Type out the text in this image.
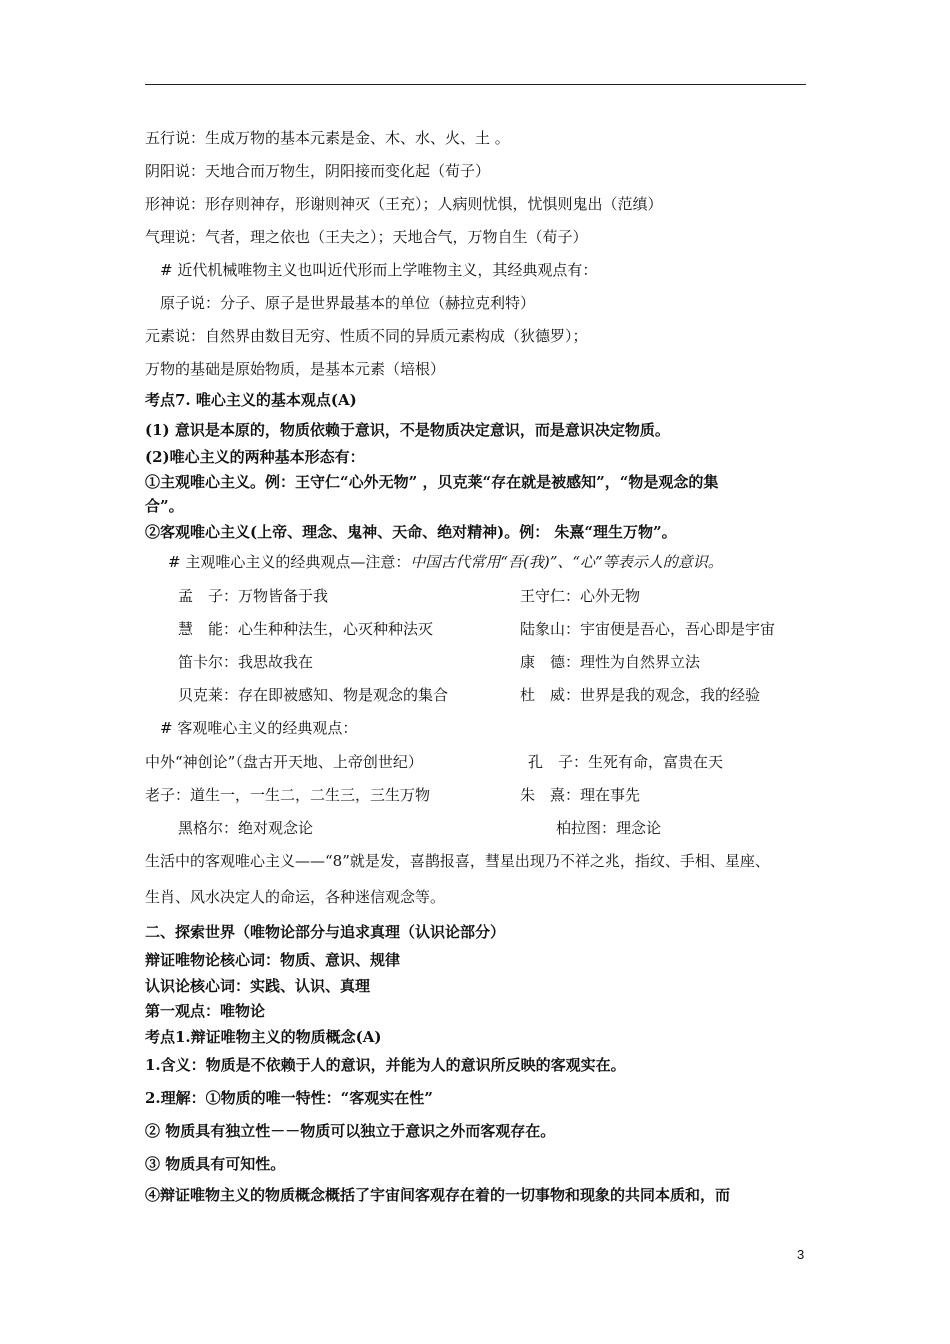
五行说：生成万物的基本元素是金、木、水、火、土 。
阴阳说：天地合而万物生，阴阳接而变化起（荀子）
形神说：形存则神存，形谢则神灭（王充）；人病则忧惧，忧惧则鬼出（范缜）
气理说：气者，理之依也（王夫之）；天地合气，万物自生（荀子）
# 近代机械唯物主义也叫近代形而上学唯物主义，其经典观点有：
原子说：分子、原子是世界最基本的单位（赫拉克利特）
元素说：自然界由数目无穷、性质不同的异质元素构成（狄德罗）；
万物的基础是原始物质，是基本元素（培根）
考点7. 唯心主义的基本观点(A)
(1) 意识是本原的，物质依赖于意识，不是物质决定意识，而是意识决定物质。
(2)唯心主义的两种基本形态有：
①主观唯心主义。例：王守仁“心外无物” ，贝克莱“存在就是被感知”，“物是观念的集
合”。
②客观唯心主义(上帝、理念、鬼神、天命、绝对精神)。例： 朱熹“理生万物”。
# 主观唯心主义的经典观点—注意：中国古代常用“吾(我)”、“心”等表示人的意识。
孟　子：万物皆备于我	王守仁：心外无物
慧　能：心生种种法生，心灭种种法灭	陆象山：宇宙便是吾心，吾心即是宇宙
笛卡尔：我思故我在	康　德：理性为自然界立法
贝克莱：存在即被感知、物是观念的集合	杜　威：世界是我的观念，我的经验
# 客观唯心主义的经典观点：
中外“神创论”（盘古开天地、上帝创世纪）	孔　子：生死有命，富贵在天
老子：道生一，一生二，二生三，三生万物	朱　熹：理在事先
黑格尔：绝对观念论	柏拉图：理念论
生活中的客观唯心主义——“8”就是发，喜鹊报喜，彗星出现乃不祥之兆，指纹、手相、星座、
生肖、风水决定人的命运，各种迷信观念等。
二、探索世界（唯物论部分与追求真理（认识论部分）
辩证唯物论核心词：物质、意识、规律
认识论核心词：实践、认识、真理
第一观点：唯物论
考点1.辩证唯物主义的物质概念(A)
1.含义：物质是不依赖于人的意识，并能为人的意识所反映的客观实在。
2.理解：①物质的唯一特性：“客观实在性”
② 物质具有独立性－－物质可以独立于意识之外而客观存在。
③ 物质具有可知性。
④辩证唯物主义的物质概念概括了宇宙间客观存在着的一切事物和现象的共同本质和，而
3
